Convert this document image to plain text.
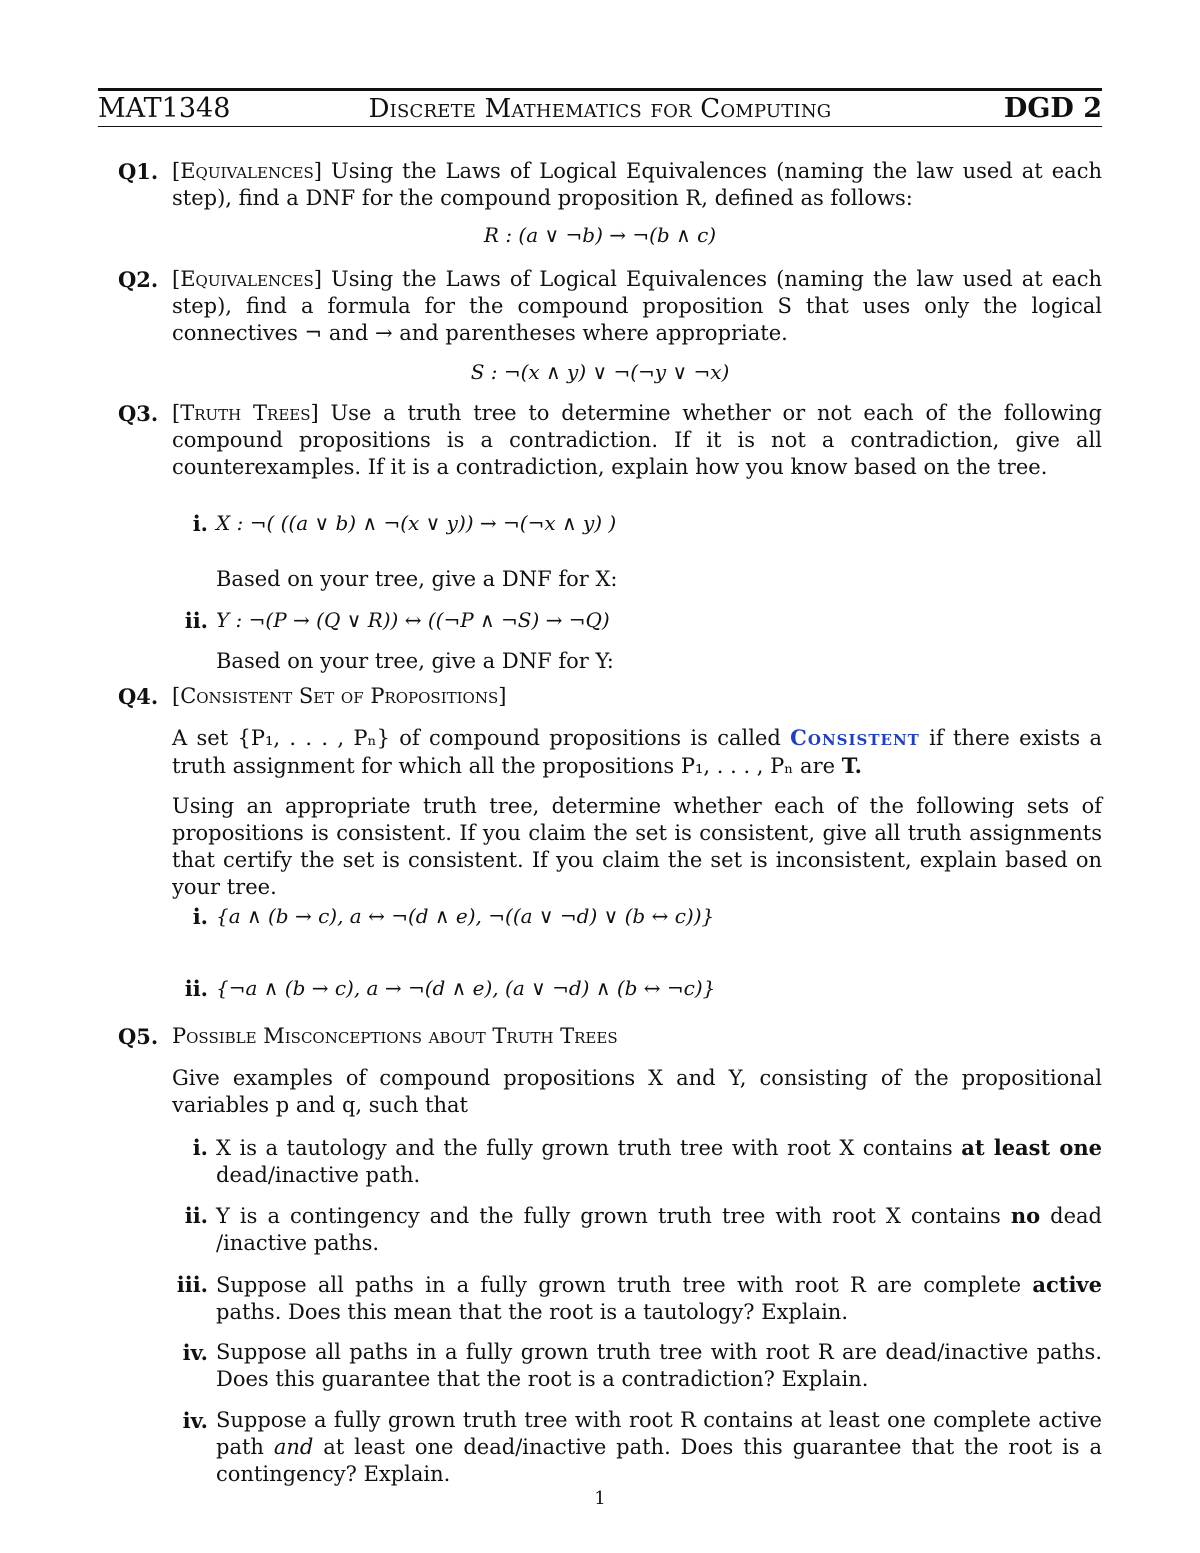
MAT1348	Discrete Mathematics for Computing	DGD 2
Q1. [Equivalences] Using the Laws of Logical Equivalences (naming the law used at each step), find a DNF for the compound proposition R, defined as follows:
R : (a ∨ ¬b) → ¬(b ∧ c)
Q2. [Equivalences] Using the Laws of Logical Equivalences (naming the law used at each step), find a formula for the compound proposition S that uses only the logical connectives ¬ and → and parentheses where appropriate.
S : ¬(x ∧ y) ∨ ¬(¬y ∨ ¬x)
Q3. [Truth Trees] Use a truth tree to determine whether or not each of the following compound propositions is a contradiction. If it is not a contradiction, give all counterexamples. If it is a contradiction, explain how you know based on the tree.
i. X : ¬( ((a ∨ b) ∧ ¬(x ∨ y)) → ¬(¬x ∧ y) )
Based on your tree, give a DNF for X:
ii. Y : ¬(P → (Q ∨ R)) ↔ ((¬P ∧ ¬S) → ¬Q)
Based on your tree, give a DNF for Y:
Q4. [Consistent Set of Propositions]
A set {P₁, . . . , Pₙ} of compound propositions is called Consistent if there exists a truth assignment for which all the propositions P₁, . . . , Pₙ are T.
Using an appropriate truth tree, determine whether each of the following sets of propositions is consistent. If you claim the set is consistent, give all truth assignments that certify the set is consistent. If you claim the set is inconsistent, explain based on your tree.
i. {a ∧ (b → c), a ↔ ¬(d ∧ e), ¬((a ∨ ¬d) ∨ (b ↔ c))}
ii. {¬a ∧ (b → c), a → ¬(d ∧ e), (a ∨ ¬d) ∧ (b ↔ ¬c)}
Q5. Possible Misconceptions about Truth Trees
Give examples of compound propositions X and Y, consisting of the propositional variables p and q, such that
i. X is a tautology and the fully grown truth tree with root X contains at least one dead/inactive path.
ii. Y is a contingency and the fully grown truth tree with root X contains no dead /inactive paths.
iii. Suppose all paths in a fully grown truth tree with root R are complete active paths. Does this mean that the root is a tautology? Explain.
iv. Suppose all paths in a fully grown truth tree with root R are dead/inactive paths. Does this guarantee that the root is a contradiction? Explain.
iv. Suppose a fully grown truth tree with root R contains at least one complete active path and at least one dead/inactive path. Does this guarantee that the root is a contingency? Explain.
1
